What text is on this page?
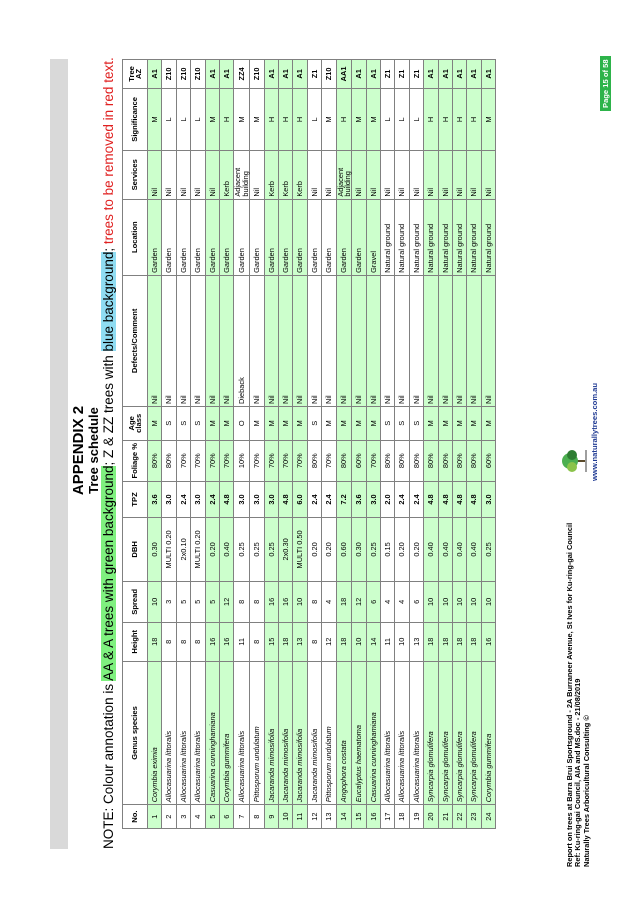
APPENDIX 2 Tree schedule
NOTE: Colour annotation is AA & A trees with green background; Z & ZZ trees with blue background; trees to be removed in red text.
No.	Genus species	Height	Spread	DBH	TPZ	Foliage %	Age class	Defects/Comment	Location	Services	Significance	Tree AZ
1	Corymbia eximia	18	10	0.30	3.6	80%	M	Nil	Garden	Nil	M	A1
2	Allocasuarina littoralis	8	3	MULTI 0.20	3.0	80%	S	Nil	Garden	Nil	L	Z10
3	Allocasuarina littoralis	8	5	2x0.10	2.4	70%	S	Nil	Garden	Nil	L	Z10
4	Allocasuarina littoralis	8	5	MULTI 0.20	3.0	70%	S	Nil	Garden	Nil	L	Z10
5	Casuarina cunninghamiana	16	5	0.20	2.4	70%	M	Nil	Garden	Nil	M	A1
6	Corymbia gummifera	16	12	0.40	4.8	70%	M	Nil	Garden	Kerb	H	A1
7	Allocasuarina littoralis	11	8	0.25	3.0	10%	O	Dieback	Garden	Adjacent building	M	ZZ4
8	Pittosporum undulatum	8	8	0.25	3.0	70%	M	Nil	Garden	Nil	M	Z10
9	Jacaranda mimosifolia	15	16	0.25	3.0	70%	M	Nil	Garden	Kerb	H	A1
10	Jacaranda mimosifolia	18	16	2x0.30	4.8	70%	M	Nil	Garden	Kerb	H	A1
11	Jacaranda mimosifolia	13	10	MULTI 0.50	6.0	70%	M	Nil	Garden	Kerb	H	A1
12	Jacaranda mimosifolia	8	8	0.20	2.4	80%	S	Nil	Garden	Nil	L	Z1
13	Pittosporum undulatum	12	4	0.20	2.4	70%	M	Nil	Garden	Nil	M	Z10
14	Angophora costata	18	18	0.60	7.2	80%	M	Nil	Garden	Adjacent building	H	AA1
15	Eucalyptus haematoma	10	12	0.30	3.6	60%	M	Nil	Garden	Nil	M	A1
16	Casuarina cunninghamiana	14	6	0.25	3.0	70%	M	Nil	Gravel	Nil	M	A1
17	Allocasuarina littoralis	11	4	0.15	2.0	80%	S	Nil	Natural ground	Nil	L	Z1
18	Allocasuarina littoralis	10	4	0.20	2.4	80%	S	Nil	Natural ground	Nil	L	Z1
19	Allocasuarina littoralis	13	6	0.20	2.4	80%	S	Nil	Natural ground	Nil	L	Z1
20	Syncarpia glomulifera	18	10	0.40	4.8	80%	M	Nil	Natural ground	Nil	H	A1
21	Syncarpia glomulifera	18	10	0.40	4.8	80%	M	Nil	Natural ground	Nil	H	A1
22	Syncarpia glomulifera	18	10	0.40	4.8	80%	M	Nil	Natural ground	Nil	H	A1
23	Syncarpia glomulifera	18	10	0.40	4.8	80%	M	Nil	Natural ground	Nil	H	A1
24	Corymbia gummifera	16	10	0.25	3.0	60%	M	Nil	Natural ground	Nil	M	A1
Report on trees at Barra Brui Sportsground - 2A Burraneer Avenue, St Ives for Ku-ring-gai Council Ref: Ku-ring-gai Council, AIA and MS.doc - 21/08/2019 Naturally Trees Arboricultural Consulting ©
www.naturallytrees.com.au
Page 15 of 58
